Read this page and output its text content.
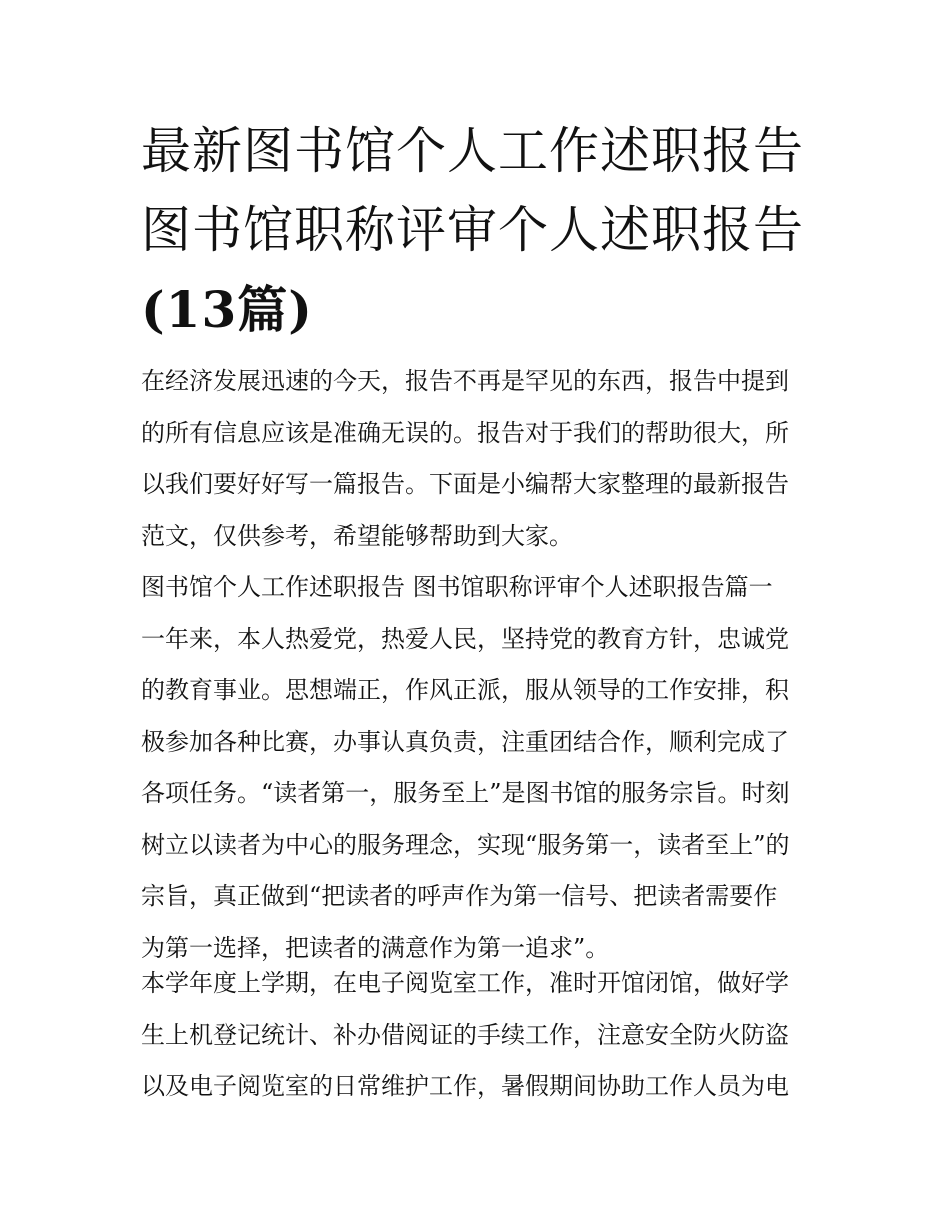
最新图书馆个人工作述职报告
图书馆职称评审个人述职报告
(13篇)

在经济发展迅速的今天，报告不再是罕见的东西，报告中提到
的所有信息应该是准确无误的。报告对于我们的帮助很大，所
以我们要好好写一篇报告。下面是小编帮大家整理的最新报告
范文，仅供参考，希望能够帮助到大家。

图书馆个人工作述职报告 图书馆职称评审个人述职报告篇一
一年来，本人热爱党，热爱人民，坚持党的教育方针，忠诚党
的教育事业。思想端正，作风正派，服从领导的工作安排，积
极参加各种比赛，办事认真负责，注重团结合作，顺利完成了
各项任务。“读者第一，服务至上”是图书馆的服务宗旨。时刻
树立以读者为中心的服务理念，实现“服务第一，读者至上”的
宗旨，真正做到“把读者的呼声作为第一信号、把读者需要作
为第一选择，把读者的满意作为第一追求”。

本学年度上学期，在电子阅览室工作，准时开馆闭馆，做好学
生上机登记统计、补办借阅证的手续工作，注意安全防火防盗
以及电子阅览室的日常维护工作，暑假期间协助工作人员为电
